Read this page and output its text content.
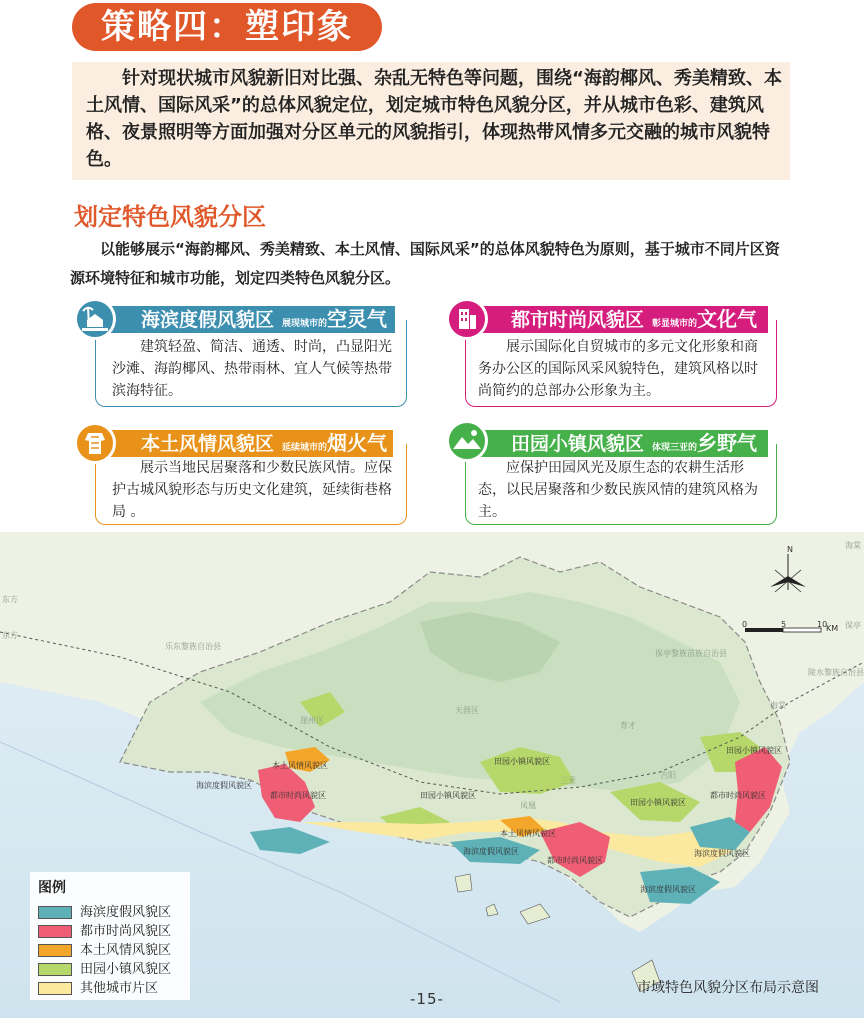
策略四：塑印象
针对现状城市风貌新旧对比强、杂乱无特色等问题，围绕“海韵椰风、秀美精致、本土风情、国际风采”的总体风貌定位，划定城市特色风貌分区，并从城市色彩、建筑风格、夜景照明等方面加强对分区单元的风貌指引，体现热带风情多元交融的城市风貌特色。
划定特色风貌分区
以能够展示“海韵椰风、秀美精致、本土风情、国际风采”的总体风貌特色为原则，基于城市不同片区资源环境特征和城市功能，划定四类特色风貌分区。
海滨度假风貌区 展现城市的空灵气
建筑轻盈、简洁、通透、时尚，凸显阳光沙滩、海韵椰风、热带雨林、宜人气候等热带滨海特征。
都市时尚风貌区 彰显城市的文化气
展示国际化自贸城市的多元文化形象和商务办公区的国际风采风貌特色，建筑风格以时尚简约的总部办公形象为主。
本土风情风貌区 延续城市的烟火气
展示当地民居聚落和少数民族风情。应保护古城风貌形态与历史文化建筑，延续街巷格局 。
田园小镇风貌区 体现三亚的乡野气
应保护田园风光及原生态的农耕生活形态，以民居聚落和少数民族风情的建筑风格为主。
N
0	5	10
KM
本土风情风貌区
海滨度假风貌区
都市时尚风貌区
田园小镇风貌区
田园小镇风貌区
田园小镇风貌区
本土风情风貌区
海滨度假风貌区
都市时尚风貌区
田园小镇风貌区
都市时尚风貌区
海滨度假风貌区
海滨度假风貌区
乐东黎族自治县
保亭黎族苗族自治县
陵水黎族自治县
天涯区
崖州区
东方
东方
三亚
育才
吉阳
海棠
凤凰
海棠
保亭
图例
海滨度假风貌区
都市时尚风貌区
本土风情风貌区
田园小镇风貌区
其他城市片区
-15-
市域特色风貌分区布局示意图
